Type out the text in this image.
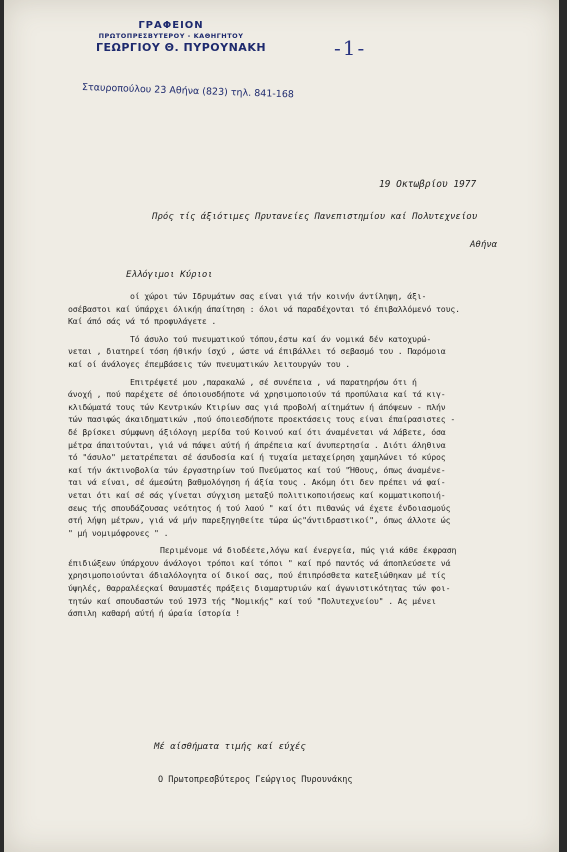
ΓΡΑΦΕΙΟΝ
ΠΡΩΤΟΠΡΕΣΒΥΤΕΡΟΥ - ΚΑΘΗΓΗΤΟΥ
ΓΕΩΡΓΙΟΥ Θ. ΠΥΡΟΥΝΑΚΗ
Σταυροπούλου 23 Αθήνα (823) τηλ. 841-168
-1-
19 Οκτωβρίου 1977
Πρός τίς άξιότιμες Πρυτανείες Πανεπιστημίου καί Πολυτεχνείου
Αθήνα
Ελλόγιμοι Κύριοι
οί χώροι τών Ιδρυμάτων σας είναι γιά τήν κοινήν άντίληψη, άξι-
οσέβαστοι καί ύπάρχει όλικήη άπαίτηση : όλοι νά παραδέχονται τό έπιβαλλόμενό τους.
Καί άπό σάς νά τό προφυλάγετε .
Τό άσυλο τού πνευματικού τόπου,έστω καί άν νομικά δέν κατοχυρώ-
νεται , διατηρεί τόση ήθικήν ίσχύ , ώστε νά έπιβάλλει τό σεβασμό του . Παρόμοια
καί οί άνάλογες έπεμβάσεις τών πνευματικών λειτουργών του .
Επιτρέψετέ μου ,παρακαλώ , σέ συνέπεια , νά παρατηρήσω ότι ή
άνοχή , πού παρέχετε σέ όποιουσδήποτε νά χρησιμοποιούν τά προπύλαια καί τά κιγ-
κλιδώματά τους τών Κεντρικών Κτιρίων σας γιά προβολή αίτημάτων ή άπόψεων - πλήν
τών πασιφώς άκαιδηματικών ,πού όποιεσδήποτε προεκτάσεις τους είναι έπαίρασιστες -
δέ βρίσκει σύμφωνη άξιόλογη μερίδα τού Κοινού καί ότι άναμένεται νά λάβετε, όσα
μέτρα άπαιτούνται, γιά νά πάψει αύτή ή άπρέπεια καί άνυπερτησία . Διότι άληθινα
τό "άσυλο" μετατρέπεται σέ άσυδοσία καί ή τυχαία μεταχείρηση χαμηλώνει τό κύρος
καί τήν άκτινοβολία τών έργαστηρίων τού Πνεύματος καί τού "Ήθους, όπως άναμένε-
ται νά είναι, σέ άμεσώτη βαθμολόγηση ή άξία τους . Ακόμη ότι δεν πρέπει νά φαί-
νεται ότι καί σέ σάς γίνεται σύγχιση μεταξύ πολιτικοποιήσεως καί κομματικοποιή-
σεως τής σπουδάζουσας νεότητος ή τού λαού " καί ότι πιθανώς νά έχετε ένδοιασμούς
στή λήψη μέτρων, γιά νά μήν παρεξηγηθείτε τώρα ώς"άντιδραστικοί", όπως άλλοτε ώς
" μή νομιμόφρονες " .
Περιμένομε νά διοδέετε,λόγω καί ένεργεία, πώς γιά κάθε έκφραση
έπιδιώξεων ύπάρχουν άνάλογοι τρόποι καί τόποι " καί πρό παντός νά άποπλεύσετε νά
χρησιμοποιούνται άδιαλόλογητα οί δικοί σας, πού έπιπρόσθετα κατεξιώθηκαν μέ τίς
ύψηλές, θαρραλέεςκαί θαυμαστές πράξεις διαμαρτυριών καί άγωνιστικότητας τών φοι-
τητών καί σπουδαστών τού 1973 τής "Νομικής" καί τού "Πολυτεχνείου" . Ας μένει
άσπιλη καθαρή αύτή ή ώραία ίστορία !
Μέ αίσθήματα τιμής καί εύχές
Ο Πρωτοπρεσβύτερος Γεώργιος Πυρουνάκης
